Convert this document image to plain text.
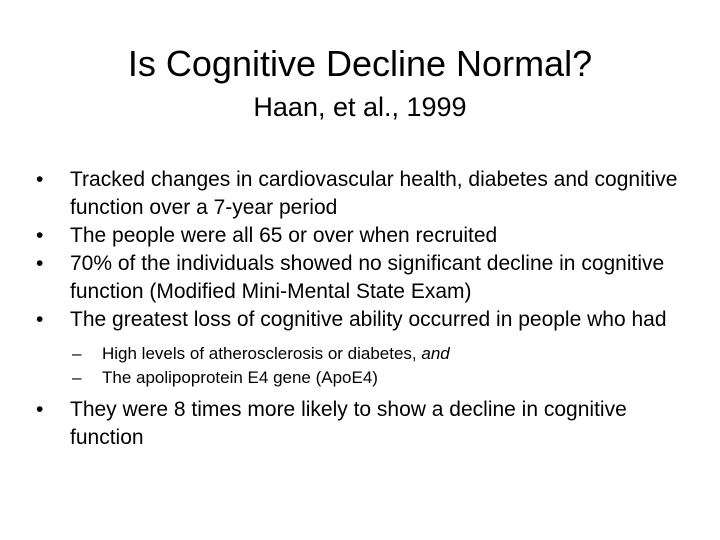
Is Cognitive Decline Normal?
Haan, et al., 1999
•	Tracked changes in cardiovascular health, diabetes and cognitive function over a 7-year period
•	The people were all 65 or over when recruited
•	70% of the individuals showed no significant decline in cognitive function (Modified Mini-Mental State Exam)
•	The greatest loss of cognitive ability occurred in people who had
– High levels of atherosclerosis or diabetes, and
– The apolipoprotein E4 gene (ApoE4)
•	They were 8 times more likely to show a decline in cognitive function
